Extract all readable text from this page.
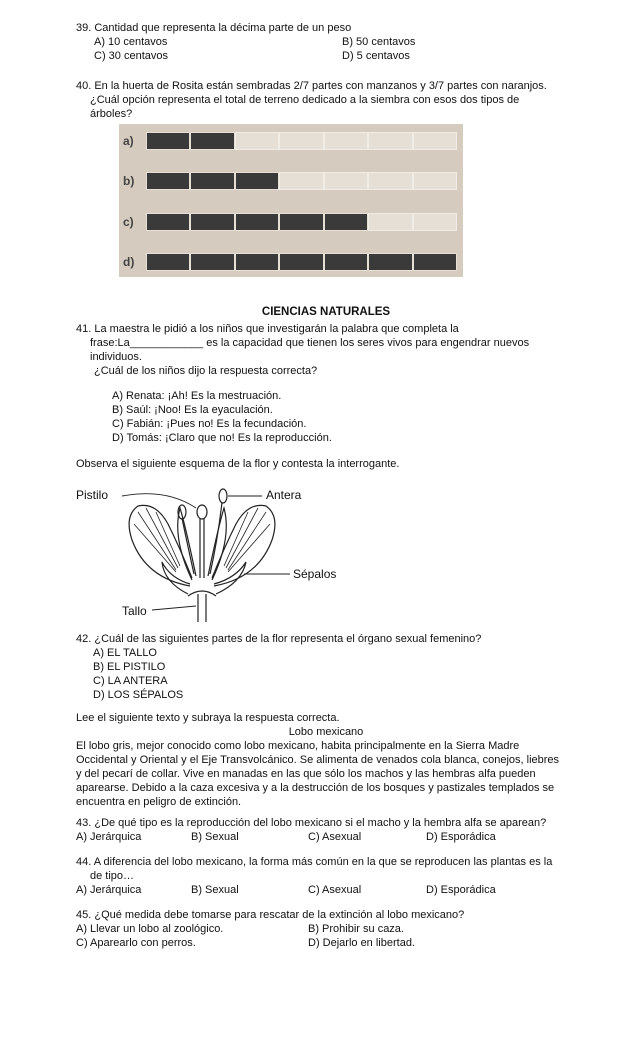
39. Cantidad que representa la décima parte de un peso

A) 10 centavos	B) 50 centavos

C) 30 centavos	D) 5 centavos

40. En la huerta de Rosita están sembradas 2/7 partes con manzanos y 3/7 partes con naranjos.

¿Cuál opción representa el total de terreno dedicado a la siembra con esos dos tipos de

árboles?

a)
b)
c)
d)

CIENCIAS NATURALES

41. La maestra le pidió a los niños que investigarán la palabra que completa la

frase:La____________ es la capacidad que tienen los seres vivos para engendrar nuevos

individuos.

¿Cuál de los niños dijo la respuesta correcta?

A) Renata: ¡Ah! Es la mestruación.

B) Saúl: ¡Noo! Es la eyaculación.

C) Fabián: ¡Pues no! Es la fecundación.

D) Tomás: ¡Claro que no! Es la reproducción.

Observa el siguiente esquema de la flor y contesta la interrogante.

Pistilo	Antera
Sépalos
Tallo

42. ¿Cuál de las siguientes partes de la flor representa el órgano sexual femenino?

A) EL TALLO

B) EL PISTILO

C) LA ANTERA

D) LOS SÉPALOS

Lee el siguiente texto y subraya la respuesta correcta.

Lobo mexicano

El lobo gris, mejor conocido como lobo mexicano, habita principalmente en la Sierra Madre

Occidental y Oriental y el Eje Transvolcánico. Se alimenta de venados cola blanca, conejos, liebres

y del pecarí de collar. Vive en manadas en las que sólo los machos y las hembras alfa pueden

aparearse. Debido a la caza excesiva y a la destrucción de los bosques y pastizales templados se

encuentra en peligro de extinción.

43. ¿De qué tipo es la reproducción del lobo mexicano si el macho y la hembra alfa se aparean?

A) Jerárquica	B) Sexual	C) Asexual	D) Esporádica

44. A diferencia del lobo mexicano, la forma más común en la que se reproducen las plantas es la

de tipo…

A) Jerárquica	B) Sexual	C) Asexual	D) Esporádica

45. ¿Qué medida debe tomarse para rescatar de la extinción al lobo mexicano?

A) Llevar un lobo al zoológico.	B) Prohibir su caza.

C) Aparearlo con perros.	D) Dejarlo en libertad.
